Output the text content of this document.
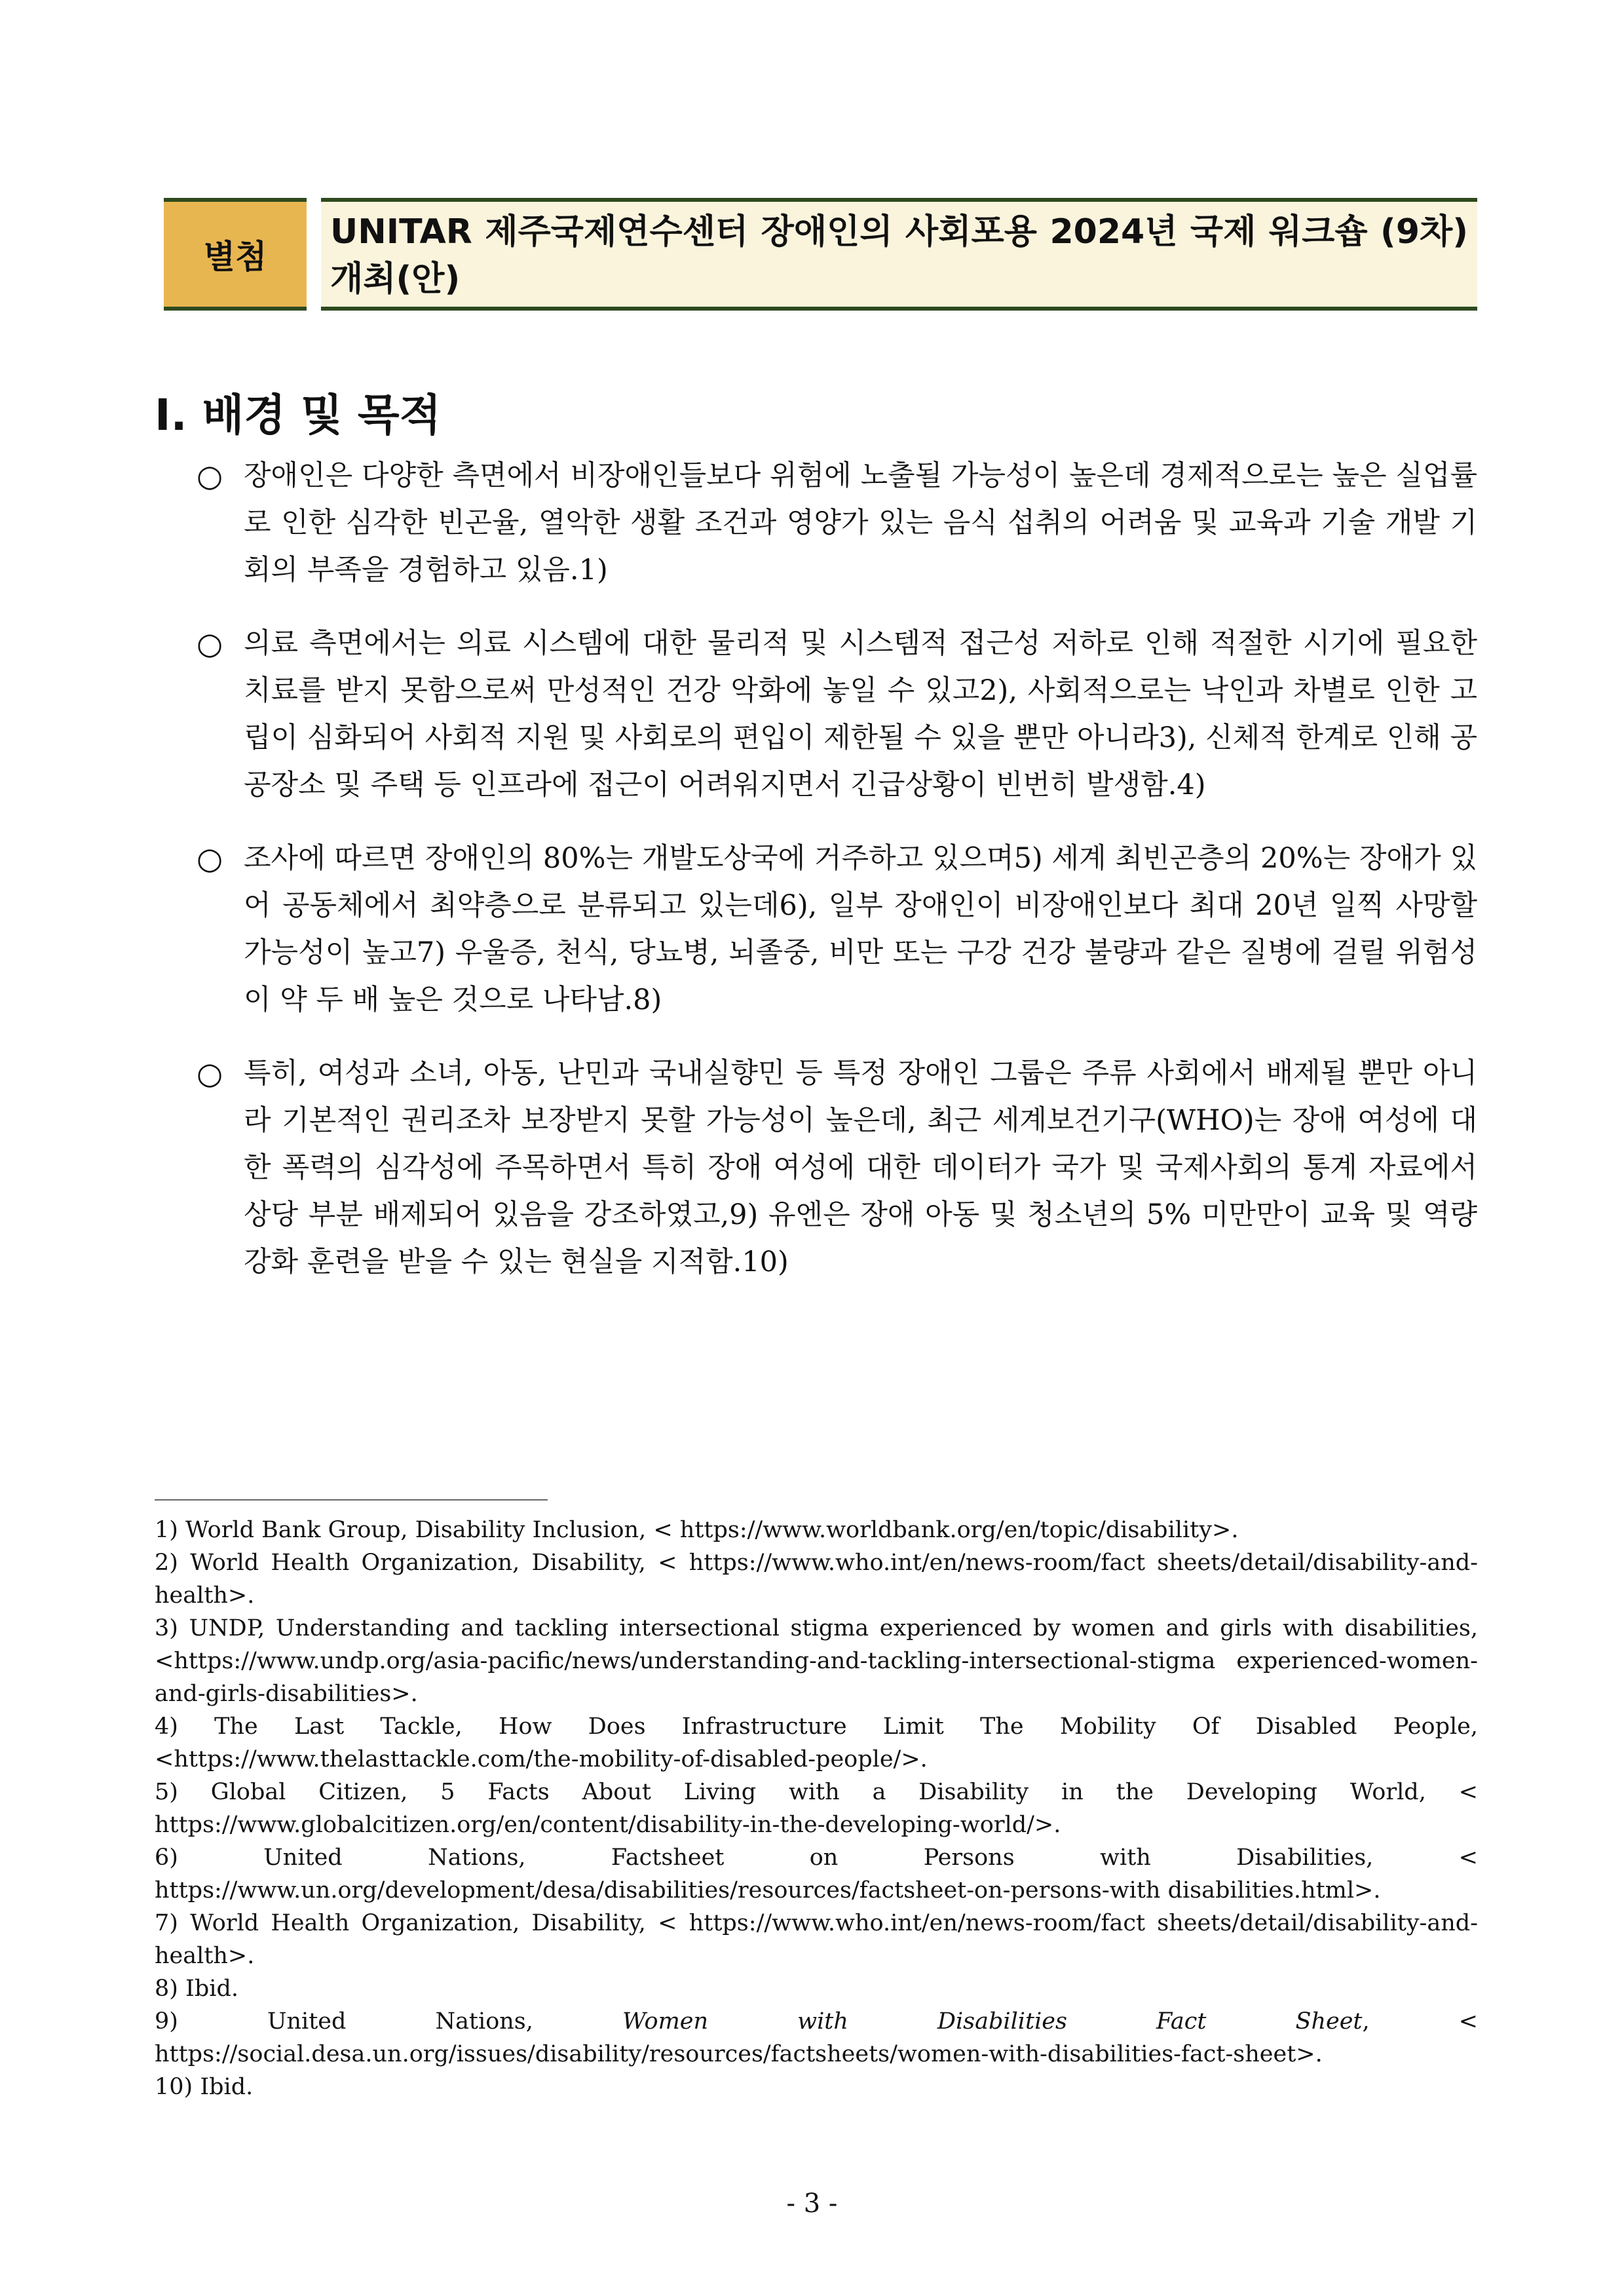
별첨
UNITAR 제주국제연수센터 장애인의 사회포용 2024년 국제 워크숍 (9차) 개최(안)
Ⅰ. 배경 및 목적
○ 장애인은 다양한 측면에서 비장애인들보다 위험에 노출될 가능성이 높은데 경제적으로는 높은 실업률로 인한 심각한 빈곤율, 열악한 생활 조건과 영양가 있는 음식 섭취의 어려움 및 교육과 기술 개발 기회의 부족을 경험하고 있음.1)
○ 의료 측면에서는 의료 시스템에 대한 물리적 및 시스템적 접근성 저하로 인해 적절한 시기에 필요한 치료를 받지 못함으로써 만성적인 건강 악화에 놓일 수 있고2), 사회적으로는 낙인과 차별로 인한 고립이 심화되어 사회적 지원 및 사회로의 편입이 제한될 수 있을 뿐만 아니라3), 신체적 한계로 인해 공공장소 및 주택 등 인프라에 접근이 어려워지면서 긴급상황이 빈번히 발생함.4)
○ 조사에 따르면 장애인의 80%는 개발도상국에 거주하고 있으며5) 세계 최빈곤층의 20%는 장애가 있어 공동체에서 최약층으로 분류되고 있는데6), 일부 장애인이 비장애인보다 최대 20년 일찍 사망할 가능성이 높고7) 우울증, 천식, 당뇨병, 뇌졸중, 비만 또는 구강 건강 불량과 같은 질병에 걸릴 위험성이 약 두 배 높은 것으로 나타남.8)
○ 특히, 여성과 소녀, 아동, 난민과 국내실향민 등 특정 장애인 그룹은 주류 사회에서 배제될 뿐만 아니라 기본적인 권리조차 보장받지 못할 가능성이 높은데, 최근 세계보건기구(WHO)는 장애 여성에 대한 폭력의 심각성에 주목하면서 특히 장애 여성에 대한 데이터가 국가 및 국제사회의 통계 자료에서 상당 부분 배제되어 있음을 강조하였고,9) 유엔은 장애 아동 및 청소년의 5% 미만만이 교육 및 역량 강화 훈련을 받을 수 있는 현실을 지적함.10)

1) World Bank Group, Disability Inclusion, < https://www.worldbank.org/en/topic/disability>.

2) World Health Organization, Disability, < https://www.who.int/en/news-room/fact sheets/detail/disability-and-health>.

3) UNDP, Understanding and tackling intersectional stigma experienced by women and girls with disabilities, <https://www.undp.org/asia-pacific/news/understanding-and-tackling-intersectional-stigma experienced-women-and-girls-disabilities>.

4) The Last Tackle, How Does Infrastructure Limit The Mobility Of Disabled People, <https://www.thelasttackle.com/the-mobility-of-disabled-people/>.

5) Global Citizen, 5 Facts About Living with a Disability in the Developing World, < https://www.globalcitizen.org/en/content/disability-in-the-developing-world/>.

6) United Nations, Factsheet on Persons with Disabilities, < https://www.un.org/development/desa/disabilities/resources/factsheet-on-persons-with disabilities.html>.

7) World Health Organization, Disability, < https://www.who.int/en/news-room/fact sheets/detail/disability-and-health>.

8) Ibid.

9) United Nations, Women with Disabilities Fact Sheet, < https://social.desa.un.org/issues/disability/resources/factsheets/women-with-disabilities-fact-sheet>.

10) Ibid.

- 3 -
